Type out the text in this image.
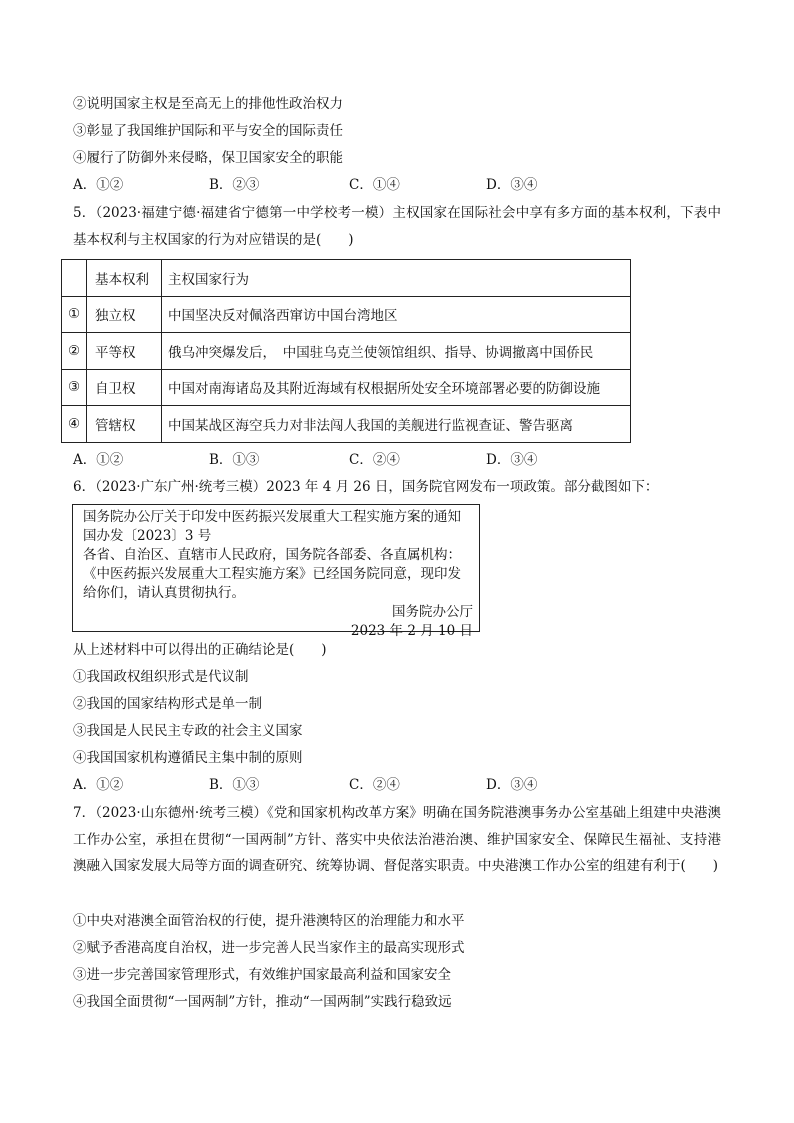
②说明国家主权是至高无上的排他性政治权力
③彰显了我国维护国际和平与安全的国际责任
④履行了防御外来侵略，保卫国家安全的职能
A．①②	B．②③	C．①④	D．③④
5．（2023·福建宁德·福建省宁德第一中学校考一模）主权国家在国际社会中享有多方面的基本权利，下表中基本权利与主权国家的行为对应错误的是(　　)
	基本权利	主权国家行为
①	独立权	中国坚决反对佩洛西窜访中国台湾地区
②	平等权	俄乌冲突爆发后，　中国驻乌克兰使领馆组织、指导、协调撤离中国侨民
③	自卫权	中国对南海诸岛及其附近海域有权根据所处安全环境部署必要的防御设施
④	管辖权	中国某战区海空兵力对非法闯人我国的美舰进行监视查证、警告驱离
A．①②	B．①③	C．②④	D．③④
6．（2023·广东广州·统考三模）2023 年 4 月 26 日，国务院官网发布一项政策。部分截图如下：
国务院办公厅关于印发中医药振兴发展重大工程实施方案的通知
国办发〔2023〕3 号
各省、自治区、直辖市人民政府，国务院各部委、各直属机构：
《中医药振兴发展重大工程实施方案》已经国务院同意，现印发
给你们，请认真贯彻执行。
国务院办公厅
2023 年 2 月 10 日
从上述材料中可以得出的正确结论是(　　)
①我国政权组织形式是代议制
②我国的国家结构形式是单一制
③我国是人民民主专政的社会主义国家
④我国国家机构遵循民主集中制的原则
A．①②	B．①③	C．②④	D．③④
7．（2023·山东德州·统考三模）《党和国家机构改革方案》明确在国务院港澳事务办公室基础上组建中央港澳工作办公室，承担在贯彻“一国两制”方针、落实中央依法治港治澳、维护国家安全、保障民生福祉、支持港澳融入国家发展大局等方面的调查研究、统筹协调、督促落实职责。中央港澳工作办公室的组建有利于(　　)
①中央对港澳全面管治权的行使，提升港澳特区的治理能力和水平
②赋予香港高度自治权，进一步完善人民当家作主的最高实现形式
③进一步完善国家管理形式，有效维护国家最高利益和国家安全
④我国全面贯彻“一国两制”方针，推动“一国两制”实践行稳致远
